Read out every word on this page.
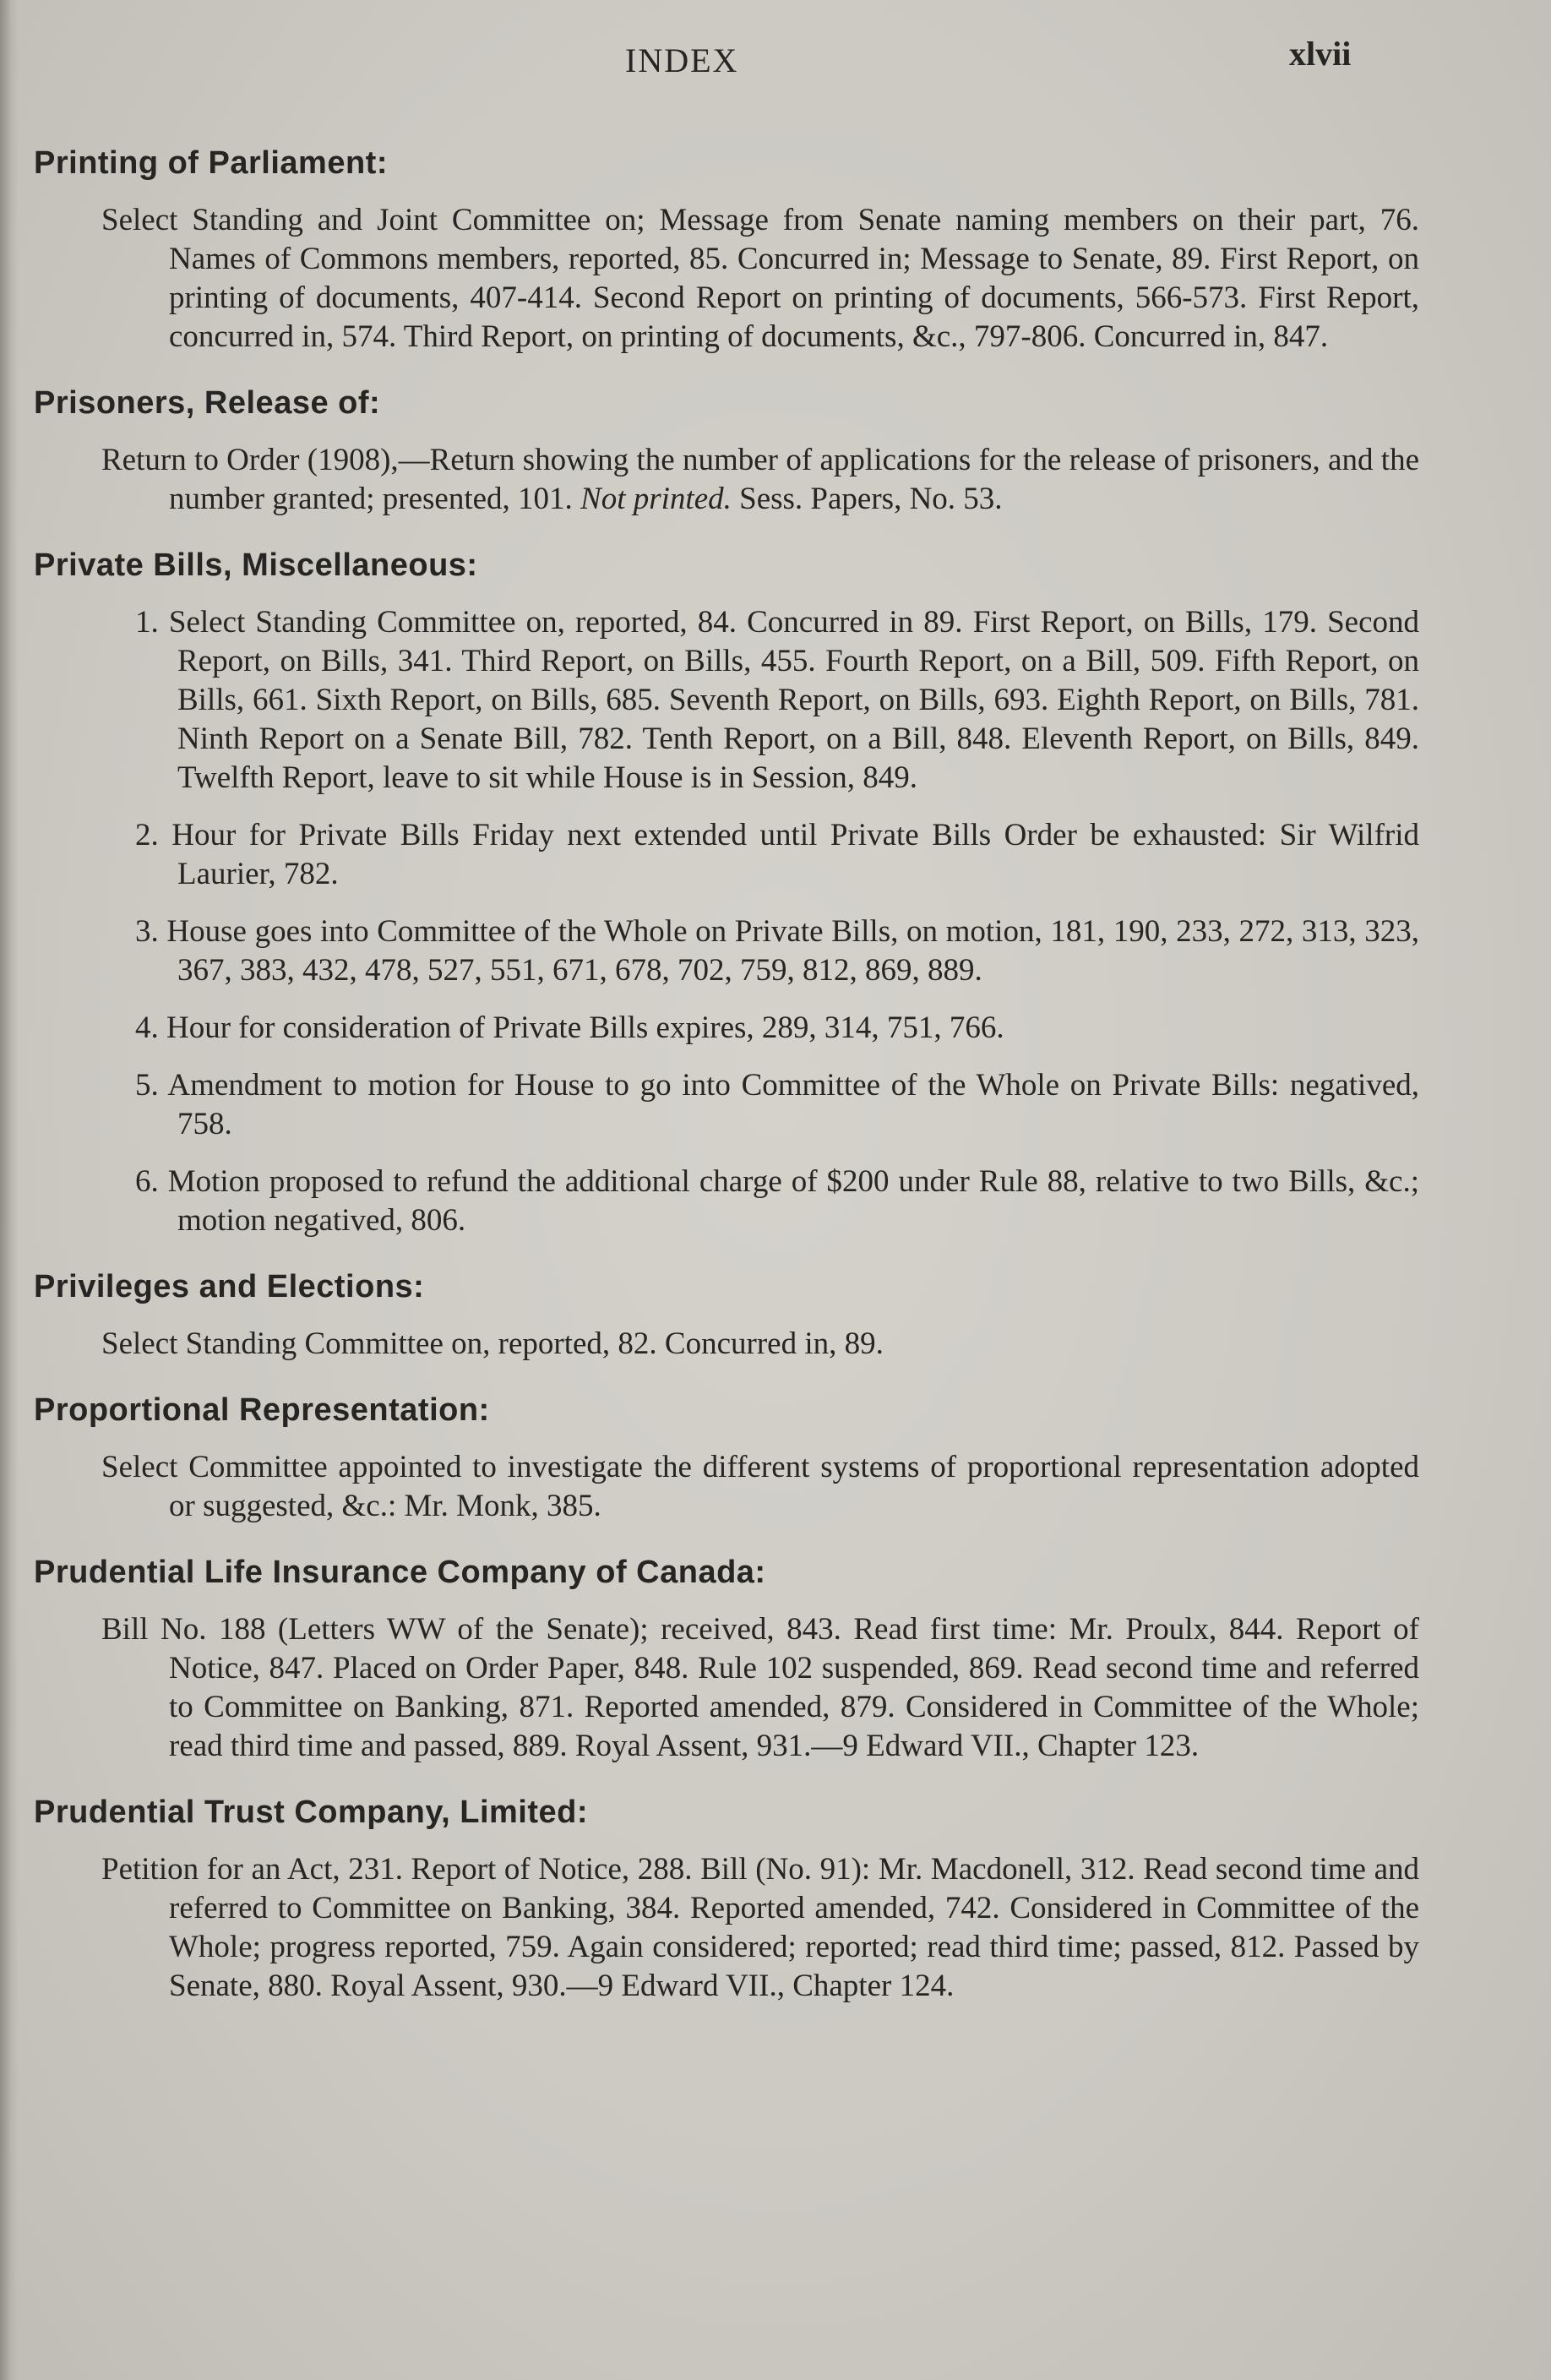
INDEX	xlvii
Printing of Parliament:
Select Standing and Joint Committee on; Message from Senate naming members on their part, 76. Names of Commons members, reported, 85. Concurred in; Message to Senate, 89. First Report, on printing of documents, 407-414. Second Report on printing of documents, 566-573. First Report, concurred in, 574. Third Report, on printing of documents, &c., 797-806. Concurred in, 847.
Prisoners, Release of:
Return to Order (1908),—Return showing the number of applications for the release of prisoners, and the number granted; presented, 101. Not printed. Sess. Papers, No. 53.
Private Bills, Miscellaneous:
1. Select Standing Committee on, reported, 84. Concurred in 89. First Report, on Bills, 179. Second Report, on Bills, 341. Third Report, on Bills, 455. Fourth Report, on a Bill, 509. Fifth Report, on Bills, 661. Sixth Report, on Bills, 685. Seventh Report, on Bills, 693. Eighth Report, on Bills, 781. Ninth Report on a Senate Bill, 782. Tenth Report, on a Bill, 848. Eleventh Report, on Bills, 849. Twelfth Report, leave to sit while House is in Session, 849.
2. Hour for Private Bills Friday next extended until Private Bills Order be exhausted: Sir Wilfrid Laurier, 782.
3. House goes into Committee of the Whole on Private Bills, on motion, 181, 190, 233, 272, 313, 323, 367, 383, 432, 478, 527, 551, 671, 678, 702, 759, 812, 869, 889.
4. Hour for consideration of Private Bills expires, 289, 314, 751, 766.
5. Amendment to motion for House to go into Committee of the Whole on Private Bills: negatived, 758.
6. Motion proposed to refund the additional charge of $200 under Rule 88, relative to two Bills, &c.; motion negatived, 806.
Privileges and Elections:
Select Standing Committee on, reported, 82. Concurred in, 89.
Proportional Representation:
Select Committee appointed to investigate the different systems of proportional representation adopted or suggested, &c.: Mr. Monk, 385.
Prudential Life Insurance Company of Canada:
Bill No. 188 (Letters WW of the Senate); received, 843. Read first time: Mr. Proulx, 844. Report of Notice, 847. Placed on Order Paper, 848. Rule 102 suspended, 869. Read second time and referred to Committee on Banking, 871. Reported amended, 879. Considered in Committee of the Whole; read third time and passed, 889. Royal Assent, 931.—9 Edward VII., Chapter 123.
Prudential Trust Company, Limited:
Petition for an Act, 231. Report of Notice, 288. Bill (No. 91): Mr. Macdonell, 312. Read second time and referred to Committee on Banking, 384. Reported amended, 742. Considered in Committee of the Whole; progress reported, 759. Again considered; reported; read third time; passed, 812. Passed by Senate, 880. Royal Assent, 930.—9 Edward VII., Chapter 124.
